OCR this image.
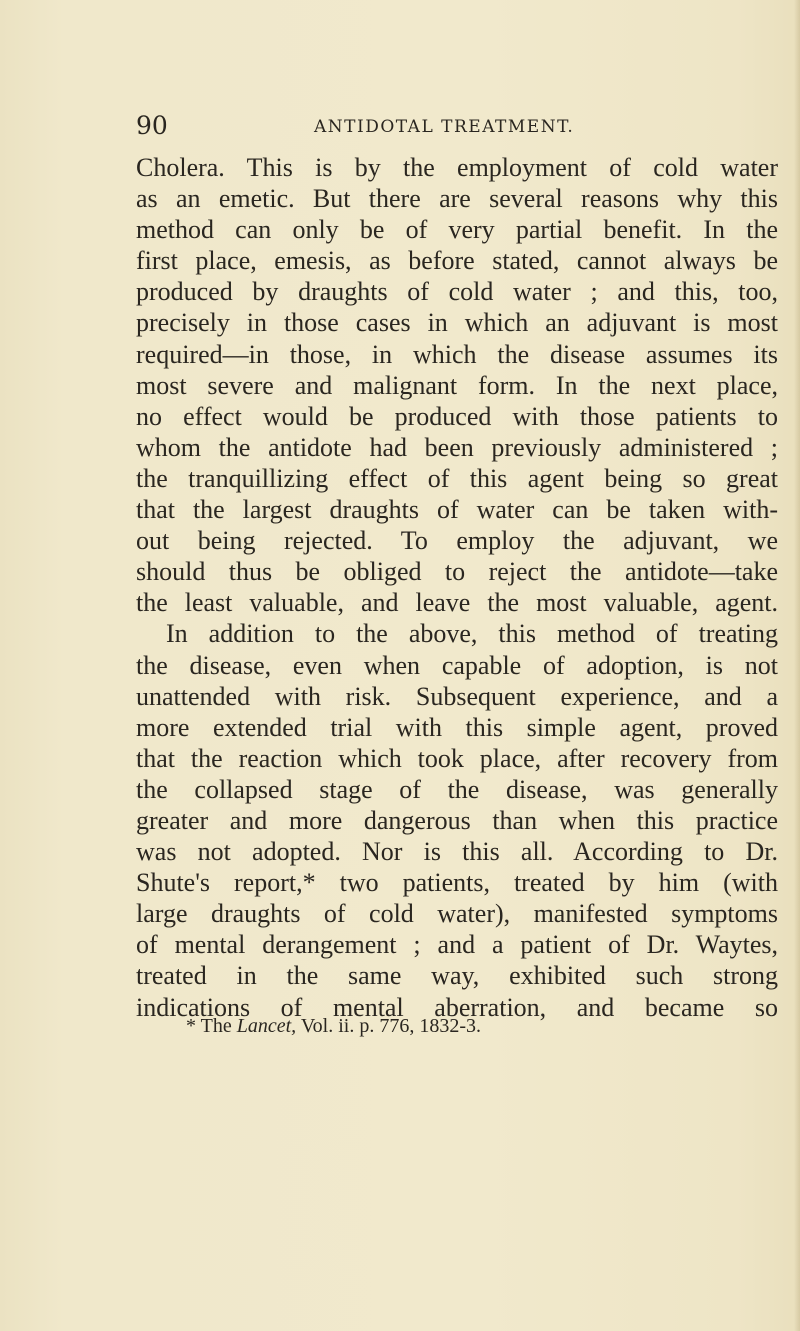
90	ANTIDOTAL TREATMENT.
Cholera. This is by the employment of cold water
as an emetic. But there are several reasons why this
method can only be of very partial benefit. In the
first place, emesis, as before stated, cannot always be
produced by draughts of cold water ; and this, too,
precisely in those cases in which an adjuvant is most
required—in those, in which the disease assumes its
most severe and malignant form. In the next place,
no effect would be produced with those patients to
whom the antidote had been previously administered ;
the tranquillizing effect of this agent being so great
that the largest draughts of water can be taken with-
out being rejected. To employ the adjuvant, we
should thus be obliged to reject the antidote—take
the least valuable, and leave the most valuable, agent.
In addition to the above, this method of treating
the disease, even when capable of adoption, is not
unattended with risk. Subsequent experience, and a
more extended trial with this simple agent, proved
that the reaction which took place, after recovery from
the collapsed stage of the disease, was generally
greater and more dangerous than when this practice
was not adopted. Nor is this all. According to Dr.
Shute's report,* two patients, treated by him (with
large draughts of cold water), manifested symptoms
of mental derangement ; and a patient of Dr. Waytes,
treated in the same way, exhibited such strong
indications of mental aberration, and became so
* The Lancet, Vol. ii. p. 776, 1832-3.
